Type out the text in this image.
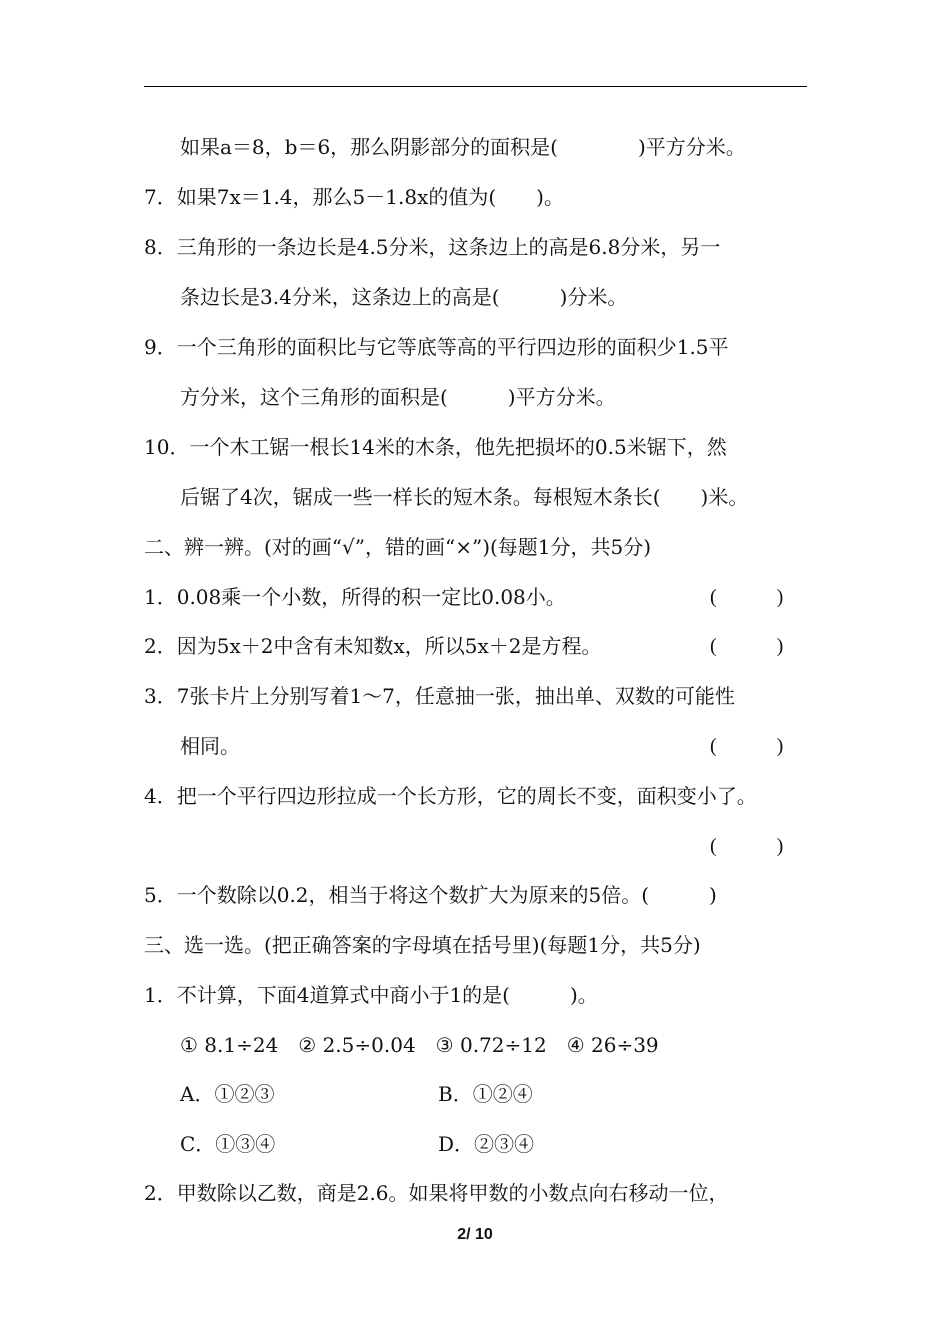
如果a＝8，b＝6，那么阴影部分的面积是(　　　　)平方分米。
7．如果7x＝1.4，那么5－1.8x的值为(　　)。
8．三角形的一条边长是4.5分米，这条边上的高是6.8分米，另一
条边长是3.4分米，这条边上的高是(　　　)分米。
9．一个三角形的面积比与它等底等高的平行四边形的面积少1.5平
方分米，这个三角形的面积是(　　　)平方分米。
10．一个木工锯一根长14米的木条，他先把损坏的0.5米锯下，然
后锯了4次，锯成一些一样长的短木条。每根短木条长(　　)米。
二、辨一辨。(对的画“√”，错的画“×”)(每题1分，共5分)
1．0.08乘一个小数，所得的积一定比0.08小。	(　　　)
2．因为5x＋2中含有未知数x，所以5x＋2是方程。	(　　　)
3．7张卡片上分别写着1～7，任意抽一张，抽出单、双数的可能性
相同。	(　　　)
4．把一个平行四边形拉成一个长方形，它的周长不变，面积变小了。
(　　　)
5．一个数除以0.2，相当于将这个数扩大为原来的5倍。(　　　)
三、选一选。(把正确答案的字母填在括号里)(每题1分，共5分)
1．不计算，下面4道算式中商小于1的是(　　　)。
① 8.1÷24　② 2.5÷0.04　③ 0.72÷12　④ 26÷39
A．①②③	B．①②④
C．①③④	D．②③④
2．甲数除以乙数，商是2.6。如果将甲数的小数点向右移动一位，
2/ 10
